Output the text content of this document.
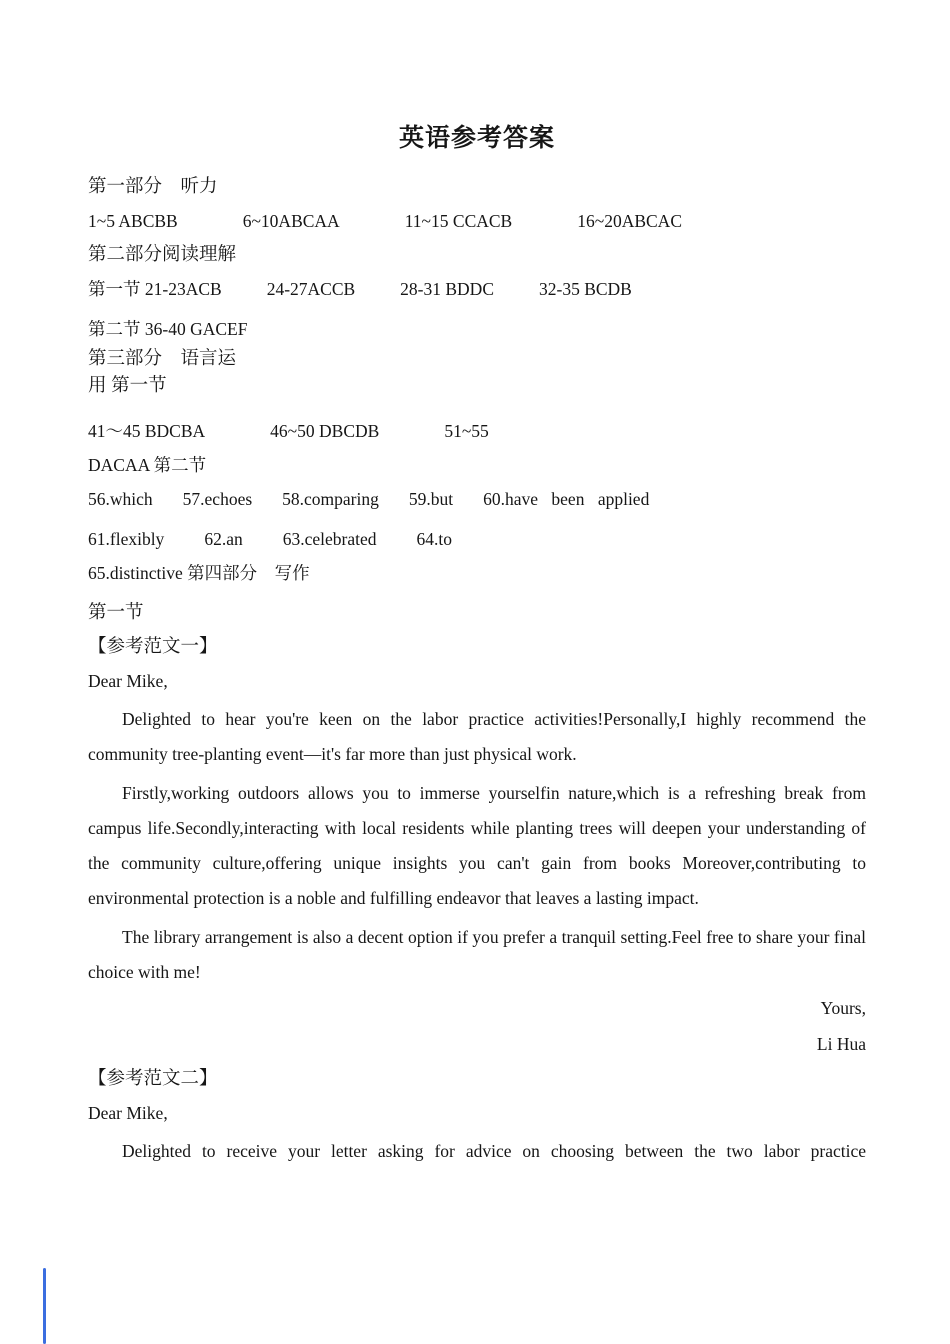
英语参考答案
第一部分　听力
1~5 ABCBB	6~10ABCAA	11~15 CCACB	16~20ABCAC
第二部分阅读理解
第一节 21-23ACB	24-27ACCB	28-31 BDDC	32-35 BCDB
第二节 36-40 GACEF
第三部分　语言运
用 第一节
41～45 BDCBA	46~50 DBCDB	51~55
DACAA 第二节
56.which 57.echoes 58.comparing 59.but 60.have been applied
61.flexibly 62.an 63.celebrated 64.to
65.distinctive 第四部分　写作
第一节
【参考范文一】
Dear Mike,

Delighted to hear you're keen on the labor practice activities!Personally,I highly recommend the community tree-planting event—it's far more than just physical work.

Firstly,working outdoors allows you to immerse yourselfin nature,which is a refreshing break from campus life.Secondly,interacting with local residents while planting trees will deepen your understanding of the community culture,offering unique insights you can't gain from books Moreover,contributing to environmental protection is a noble and fulfilling endeavor that leaves a lasting impact.

The library arrangement is also a decent option if you prefer a tranquil setting.Feel free to share your final choice with me!

Yours,
Li Hua
【参考范文二】
Dear Mike,

Delighted to receive your letter asking for advice on choosing between the two labor practice
